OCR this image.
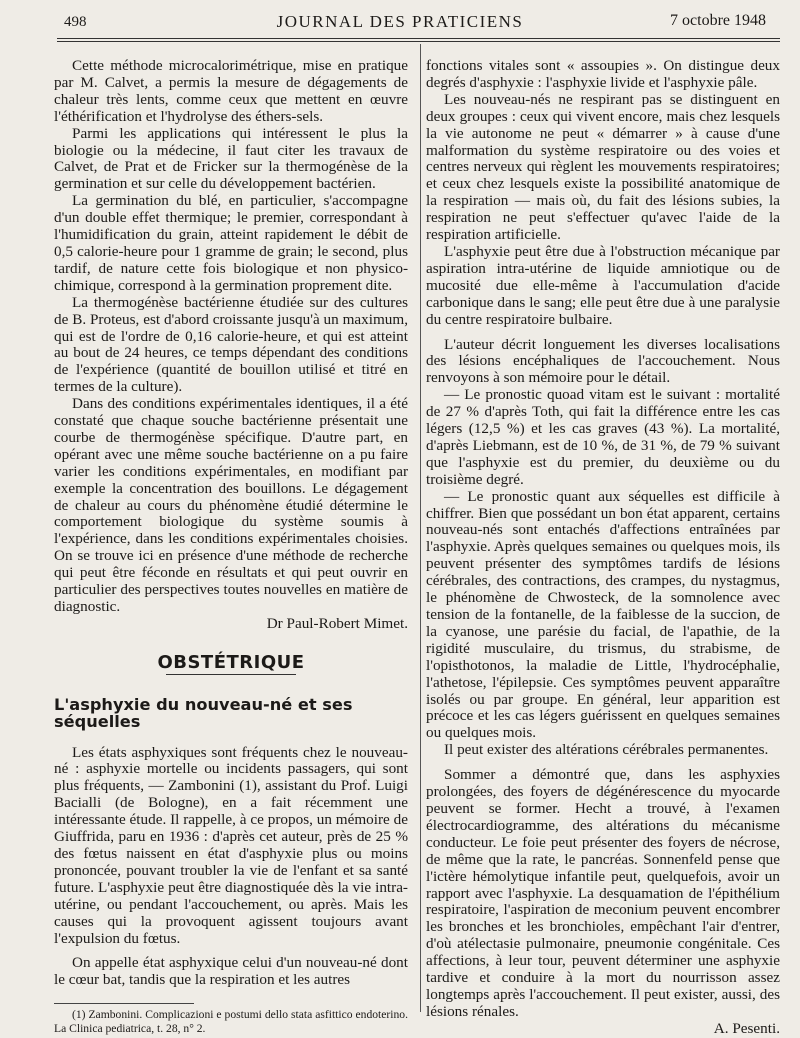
498	JOURNAL DES PRATICIENS	7 octobre 1948

Cette méthode microcalorimétrique, mise en pratique par M. Calvet, a permis la mesure de dégagements de chaleur très lents, comme ceux que mettent en œuvre l'éthérification et l'hydrolyse des éthers-sels.

Parmi les applications qui intéressent le plus la biologie ou la médecine, il faut citer les travaux de Calvet, de Prat et de Fricker sur la thermogénèse de la germination et sur celle du développement bactérien.

La germination du blé, en particulier, s'accompagne d'un double effet thermique; le premier, correspondant à l'humidification du grain, atteint rapidement le débit de 0,5 calorie-heure pour 1 gramme de grain; le second, plus tardif, de nature cette fois biologique et non physico-chimique, correspond à la germination proprement dite.

La thermogénèse bactérienne étudiée sur des cultures de B. Proteus, est d'abord croissante jusqu'à un maximum, qui est de l'ordre de 0,16 calorie-heure, et qui est atteint au bout de 24 heures, ce temps dépendant des conditions de l'expérience (quantité de bouillon utilisé et titré en termes de la culture).

Dans des conditions expérimentales identiques, il a été constaté que chaque souche bactérienne présentait une courbe de thermogénèse spécifique. D'autre part, en opérant avec une même souche bactérienne on a pu faire varier les conditions expérimentales, en modifiant par exemple la concentration des bouillons. Le dégagement de chaleur au cours du phénomène étudié détermine le comportement biologique du système soumis à l'expérience, dans les conditions expérimentales choisies. On se trouve ici en présence d'une méthode de recherche qui peut être féconde en résultats et qui peut ouvrir en particulier des perspectives toutes nouvelles en matière de diagnostic.

Dr Paul-Robert Mimet.

OBSTÉTRIQUE
L'asphyxie du nouveau-né et ses séquelles

Les états asphyxiques sont fréquents chez le nouveau-né : asphyxie mortelle ou incidents passagers, qui sont plus fréquents, — Zambonini (1), assistant du Prof. Luigi Bacialli (de Bologne), en a fait récemment une intéressante étude. Il rappelle, à ce propos, un mémoire de Giuffrida, paru en 1936 : d'après cet auteur, près de 25 % des fœtus naissent en état d'asphyxie plus ou moins prononcée, pouvant troubler la vie de l'enfant et sa santé future. L'asphyxie peut être diagnostiquée dès la vie intra-utérine, ou pendant l'accouchement, ou après. Mais les causes qui la provoquent agissent toujours avant l'expulsion du fœtus.

On appelle état asphyxique celui d'un nouveau-né dont le cœur bat, tandis que la respiration et les autres

(1) Zambonini. Complicazioni e postumi dello stata asfittico endoterino. La Clinica pediatrica, t. 28, n° 2.

fonctions vitales sont « assoupies ». On distingue deux degrés d'asphyxie : l'asphyxie livide et l'asphyxie pâle.

Les nouveau-nés ne respirant pas se distinguent en deux groupes : ceux qui vivent encore, mais chez lesquels la vie autonome ne peut « démarrer » à cause d'une malformation du système respiratoire ou des voies et centres nerveux qui règlent les mouvements respiratoires; et ceux chez lesquels existe la possibilité anatomique de la respiration — mais où, du fait des lésions subies, la respiration ne peut s'effectuer qu'avec l'aide de la respiration artificielle.

L'asphyxie peut être due à l'obstruction mécanique par aspiration intra-utérine de liquide amniotique ou de mucosité due elle-même à l'accumulation d'acide carbonique dans le sang; elle peut être due à une paralysie du centre respiratoire bulbaire.

L'auteur décrit longuement les diverses localisations des lésions encéphaliques de l'accouchement. Nous renvoyons à son mémoire pour le détail.

— Le pronostic quoad vitam est le suivant : mortalité de 27 % d'après Toth, qui fait la différence entre les cas légers (12,5 %) et les cas graves (43 %). La mortalité, d'après Liebmann, est de 10 %, de 31 %, de 79 % suivant que l'asphyxie est du premier, du deuxième ou du troisième degré.

— Le pronostic quant aux séquelles est difficile à chiffrer. Bien que possédant un bon état apparent, certains nouveau-nés sont entachés d'affections entraînées par l'asphyxie. Après quelques semaines ou quelques mois, ils peuvent présenter des symptômes tardifs de lésions cérébrales, des contractions, des crampes, du nystagmus, le phénomène de Chwosteck, de la somnolence avec tension de la fontanelle, de la faiblesse de la succion, de la cyanose, une parésie du facial, de l'apathie, de la rigidité musculaire, du trismus, du strabisme, de l'opisthotonos, la maladie de Little, l'hydrocéphalie, l'athetose, l'épilepsie. Ces symptômes peuvent apparaître isolés ou par groupe. En général, leur apparition est précoce et les cas légers guérissent en quelques semaines ou quelques mois.

Il peut exister des altérations cérébrales permanentes.

Sommer a démontré que, dans les asphyxies prolongées, des foyers de dégénérescence du myocarde peuvent se former. Hecht a trouvé, à l'examen électrocardiogramme, des altérations du mécanisme conducteur. Le foie peut présenter des foyers de nécrose, de même que la rate, le pancréas. Sonnenfeld pense que l'ictère hémolytique infantile peut, quelquefois, avoir un rapport avec l'asphyxie. La desquamation de l'épithélium respiratoire, l'aspiration de meconium peuvent encombrer les bronches et les bronchioles, empêchant l'air d'entrer, d'où atélectasie pulmonaire, pneumonie congénitale. Ces affections, à leur tour, peuvent déterminer une asphyxie tardive et conduire à la mort du nourrisson assez longtemps après l'accouchement. Il peut exister, aussi, des lésions rénales.

A. Pesenti.
